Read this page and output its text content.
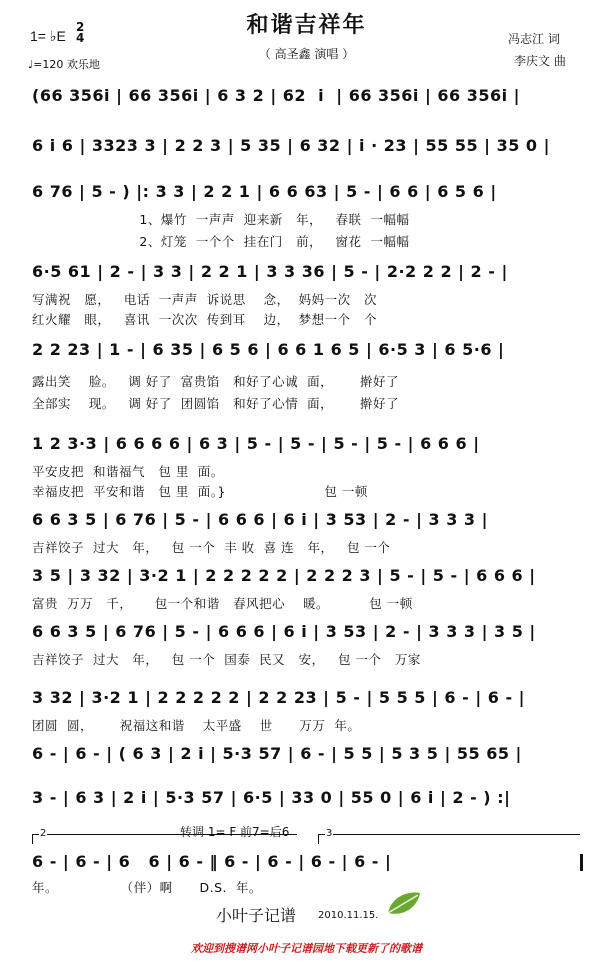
和谐吉祥年
（ 高圣鑫 演唱 ）
1= ♭E
2
4
♩=120 欢乐地
冯志江 词
李庆文 曲
(66 356i | 66 356i | 6 3 2 | 62  i  | 66 356i | 66 356i |
6 i 6 | 3323 3 | 2 2 3 | 5 35 | 6 32 | i · 23 | 55 55 | 35 0 |
6 76 | 5 - ) |: 3 3 | 2 2 1 | 6 6 63 | 5 - | 6 6 | 6 5 6 |
1、爆竹  一声声  迎来新   年，   春联  一幅幅
2、灯笼  一个个  挂在门   前，   窗花  一幅幅
6·5 61 | 2 - | 3 3 | 2 2 1 | 3 3 36 | 5 - | 2·2 2 2 | 2 - |
写满祝   愿，   电话  一声声  诉说思    念，  妈妈一次   次
红火耀   眼，   喜讯  一次次  传到耳    边，  梦想一个   个
2 2 23 | 1 - | 6 35 | 6 5 6 | 6 6 1 6 5 | 6·5 3 | 6 5·6 |
露出笑    脸。   调 好了  富贵馅   和好了心诚  面，      擀好了
全部实    现。   调 好了  团圆馅   和好了心情  面，      擀好了
1 2 3·3 | 6 6 6 6 | 6 3 | 5 - | 5 - | 5 - | 5 - | 6 6 6 |
平安皮把  和谐福气   包 里  面。
幸福皮把  平安和谐   包 里  面。}                      包 一顿
6 6 3 5 | 6 76 | 5 - | 6 6 6 | 6 i | 3 53 | 2 - | 3 3 3 |
吉祥饺子  过大   年，   包 一个  丰 收  喜 连   年，   包 一个
3 5 | 3 32 | 3·2 1 | 2 2 2 2 2 | 2 2 2 3 | 5 - | 5 - | 6 6 6 |
富贵  万万   千，     包一个和谐   春风把心    暖。         包 一顿
6 6 3 5 | 6 76 | 5 - | 6 6 6 | 6 i | 3 53 | 2 - | 3 3 3 | 3 5 |
吉祥饺子  过大   年，   包 一个  国泰  民又   安，   包 一个   万家
3 32 | 3·2 1 | 2 2 2 2 2 | 2 2 23 | 5 - | 5 5 5 | 6 - | 6 - |
团圆  圆，      祝福这和谐    太平盛    世      万万  年。
6 - | 6 - | ( 6 3 | 2 i | 5·3 57 | 6 - | 5 5 | 5 3 5 | 55 65 |
3 - | 6 3 | 2 i | 5·3 57 | 6·5 | 33 0 | 55 0 | 6 i | 2 - ) :|
转调 1= F 前7=后6
2	3
6 - | 6 - | 6   6 | 6 - ‖ 6 - | 6 - | 6 - | 6 - |
年。              （伴）啊      D.S.  年。
小叶子记谱 2010.11.15.
欢迎到搜谱网小叶子记谱园地下载更新了的歌谱
